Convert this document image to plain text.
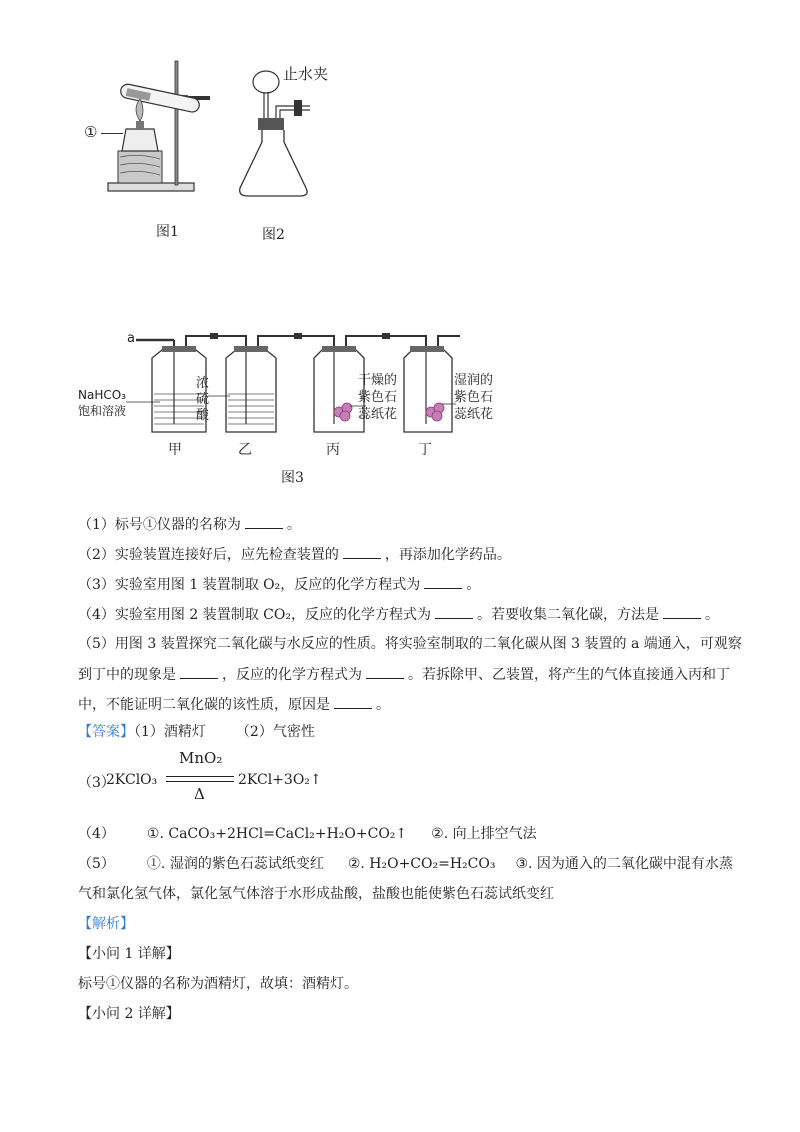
①
图1
止水夹
图2
a
NaHCO₃
饱和溶液
浓
硫
酸
干燥的
紫色石
蕊纸花
湿润的
紫色石
蕊纸花
甲	乙	丙	丁
图3
（1）标号①仪器的名称为	。
（2）实验装置连接好后，应先检查装置的	，再添加化学药品。
（3）实验室用图 1 装置制取 O₂，反应的化学方程式为	。
（4）实验室用图 2 装置制取 CO₂，反应的化学方程式为	。若要收集二氧化碳，方法是	。
（5）用图 3 装置探究二氧化碳与水反应的性质。将实验室制取的二氧化碳从图 3 装置的 a 端通入，可观察
到丁中的现象是	，反应的化学方程式为	。若拆除甲、乙装置，将产生的气体直接通入丙和丁
中，不能证明二氧化碳的该性质，原因是	。
【答案】（1）酒精灯 （2）气密性
（3）
2KClO₃
MnO₂
Δ
2KCl+3O₂↑
（4） ①. CaCO₃+2HCl=CaCl₂+H₂O+CO₂↑ ②. 向上排空气法
（5） ①. 湿润的紫色石蕊试纸变红 ②. H₂O+CO₂=H₂CO₃ ③. 因为通入的二氧化碳中混有水蒸
气和氯化氢气体，氯化氢气体溶于水形成盐酸，盐酸也能使紫色石蕊试纸变红
【解析】
【小问 1 详解】
标号①仪器的名称为酒精灯，故填：酒精灯。
【小问 2 详解】
